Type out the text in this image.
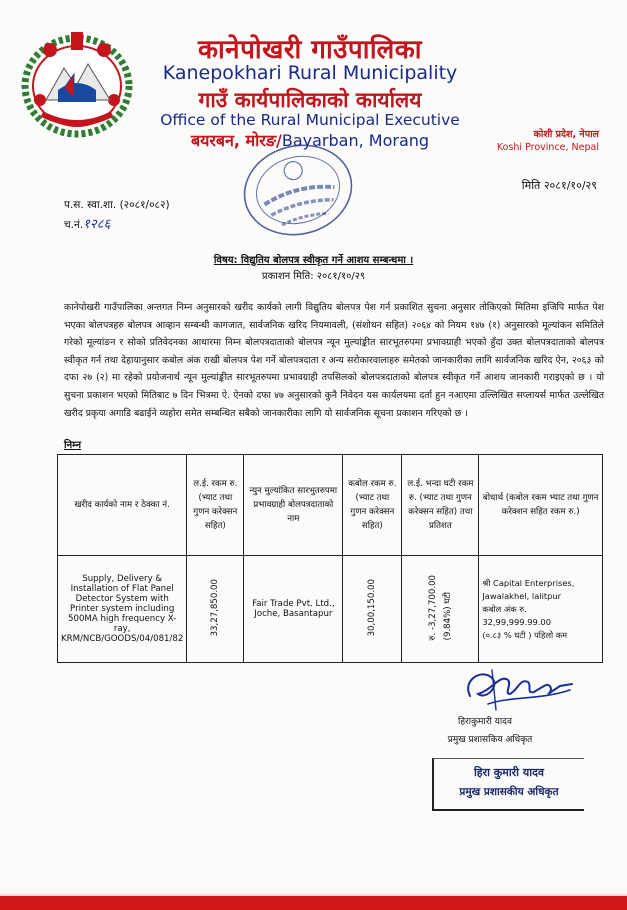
कानेपोखरी गाउँपालिका
Kanepokhari Rural Municipality
गाउँ कार्यपालिकाको कार्यालय
Office of the Rural Municipal Executive
बयरबन, मोरङ/Bayarban, Morang	कोशी प्रदेश, नेपाल
Koshi Province, Nepal
मिति २०८१/१०/२९
प.स. स्वा.शा. (२०८१/०८२)
च.नं.१२८६
विषय: विद्युतिय बोलपत्र स्वीकृत गर्ने आशय सम्बन्धमा ।
प्रकाशन मिति: २०८१/१०/२९
कानेपोखरी गाउँपालिका अन्तगत निम्न अनुसारको खरीद कार्यको लागी विद्युतिय बोलपत्र पेश गर्न प्रकाशित सुचना अनुसार तोकिएको मितिमा इजिपि मार्फत पेश भएका बोलपत्रहरु बोलपत्र आव्हान सम्बन्धी कागजात, सार्वजनिक खरिद नियमावली, (संशोधन सहित) २०६४ को नियम १४७ (१) अनुसारको मूल्यांकन समितिले गरेको मूल्यांङन र सोको प्रतिवेदनका आधारमा निम्न बोलपत्रदाताको बोलपत्र न्यून मुल्यांङ्कीत सारभूतरुपमा प्रभावग्राही भएको हुँदा उक्त बोलपत्रदाताको बोलपत्र स्वीकृत गर्न तथा देहायानुसार कबोल अंक राखी बोलपत्र पेश गर्ने बोलपत्रदाता र अन्य सरोकारवालाहरु समेतको जानकारीका लागि सार्वजनिक खरिद ऐन, २०६३ को दफा २७ (२) मा रहेको प्रयोजनार्थ न्यून मुल्यांङ्कीत सारभूतरुपमा प्रभावग्राही तपसिलको बोलपत्रदाताको बोलपत्र स्वीकृत गर्ने आशय जानकारी गराइएको छ । यो सुचना प्रकाशन भएको मितिबाट ७ दिन भित्रमा ऐ. ऐनको दफा ४७ अनुसारको कुनै निवेदन यस कार्यलयमा दर्ता हुन नआएमा उल्लिखित सप्लायर्स मार्फत उल्लेखित खरीद प्रकृया अगाडि बढाईने व्यहोरा समेत सम्बन्धित सबैको जानकारीका लागि यो सार्वजनिक सूचना प्रकाशन गरिएको छ ।
निम्न
खरीद कार्यको नाम र ठेक्का नं.	ल.ई. रकम रु. (भ्याट तथा गुणन करेक्सन सहित)	न्युन मुल्यांकित सारभुतरुपमा प्रभावग्राही बोलपत्रदाताको नाम	कबोल रकम रु. (भ्याट तथा गुणन करेक्सन सहित)	ल.ई. भन्दा घटी रकम रु. (भ्याट तथा गुणन करेक्सन सहित) तथा प्रतिशत	बोधार्थ (कबोल रकम भ्याट तथा गुणन करेक्शन सहित रकम रु.)
Supply, Delivery & Installation of Flat Panel Detector System with Printer system including 500MA high frequency X-ray, KRM/NCB/GOODS/04/081/82	33,27,850.00	Fair Trade Pvt. Ltd., Joche, Basantapur	30,00,150.00	रु. -3,27,700.00 (9.84%) घटी	श्री Capital Enterprises, Jawalakhel, lalitpur
कबोल अंक रु.
32,99,999.99.00
(०.८३ % घटी ) पहिलो कम
हिराकुमारी यादव
प्रमुख प्रशासकिय अधिकृत
हिरा कुमारी यादव
प्रमुख प्रशासकीय अधिकृत
